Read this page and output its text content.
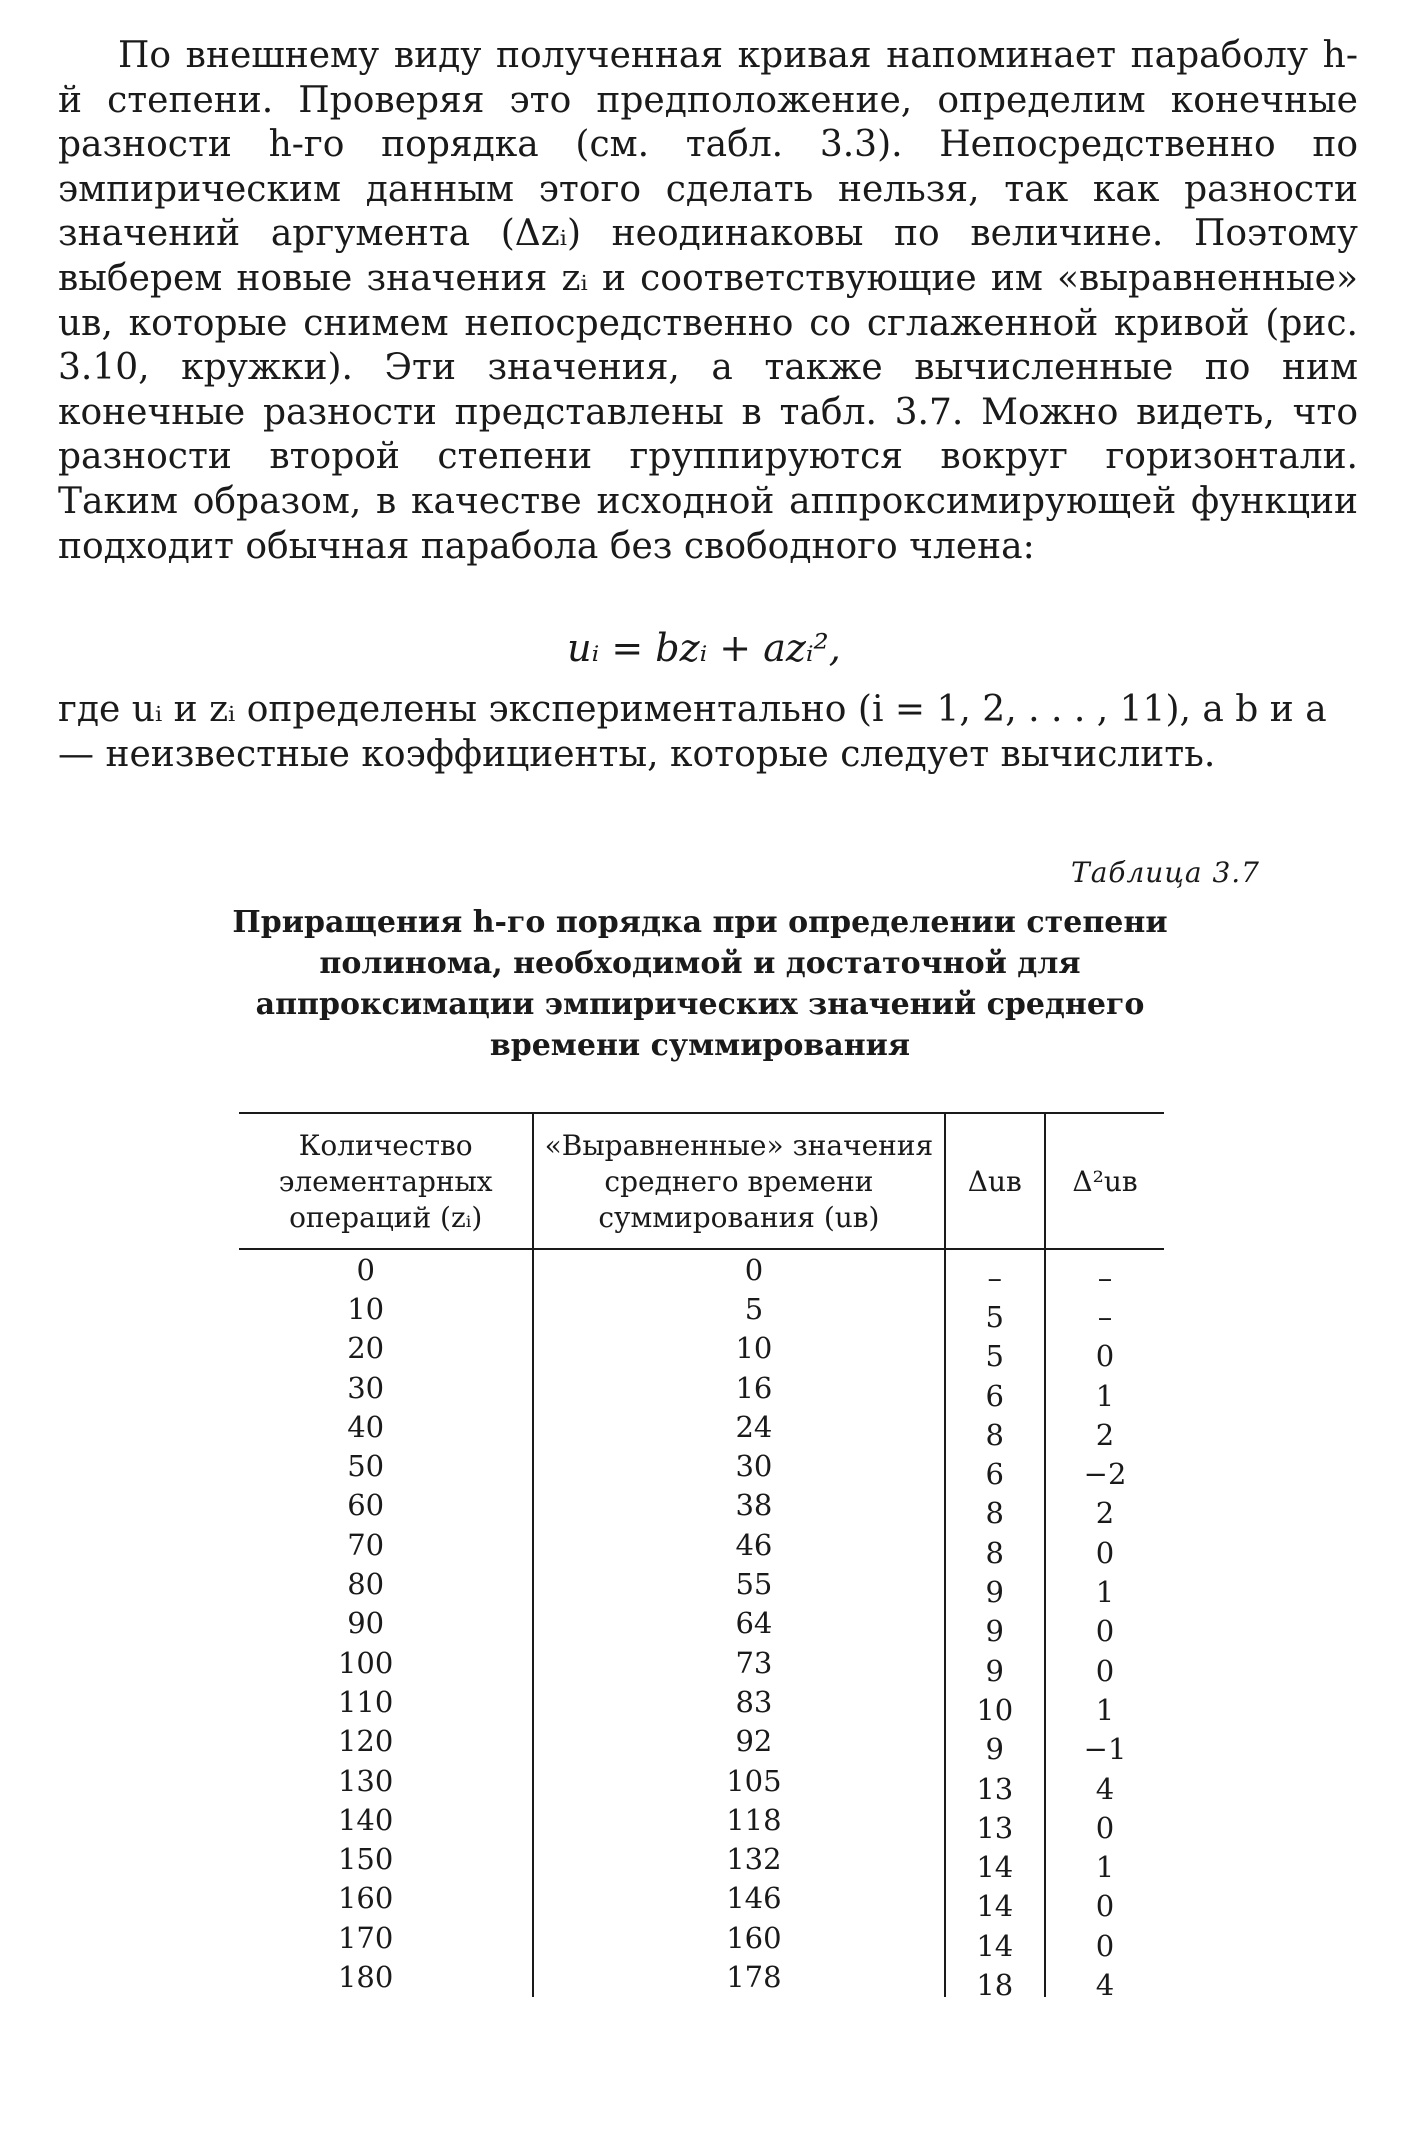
По внешнему виду полученная кривая напоминает параболу h-й степени. Проверяя это предположение, определим конечные разности h-го порядка (см. табл. 3.3). Непосредственно по эмпирическим данным этого сделать нельзя, так как разности значений аргумента (Δzᵢ) неодинаковы по величине. Поэтому выберем новые значения zᵢ и соответствующие им «выравненные» uв, которые снимем непосредственно со сглаженной кривой (рис. 3.10, кружки). Эти значения, а также вычисленные по ним конечные разности представлены в табл. 3.7. Можно видеть, что разности второй степени группируются вокруг горизонтали. Таким образом, в качестве исходной аппроксимирующей функции подходит обычная парабола без свободного члена:

uᵢ = bzᵢ + azᵢ²,

где uᵢ и zᵢ определены экспериментально (i = 1, 2, . . . , 11), а b и a — неизвестные коэффициенты, которые следует вычислить.

Таблица 3.7

Приращения h-го порядка при определении степени полинома, необходимой и достаточной для аппроксимации эмпирических значений среднего времени суммирования

Количество элементарных операций (zᵢ)	«Выравненные» значения среднего времени суммирования (uв)	Δuв	Δ²uв
0	0	–	–
10	5	5	–
20	10	5	0
30	16	6	1
40	24	8	2
50	30	6	−2
60	38	8	2
70	46	8	0
80	55	9	1
90	64	9	0
100	73	9	0
110	83	10	1
120	92	9	−1
130	105	13	4
140	118	13	0
150	132	14	1
160	146	14	0
170	160	14	0
180	178	18	4
